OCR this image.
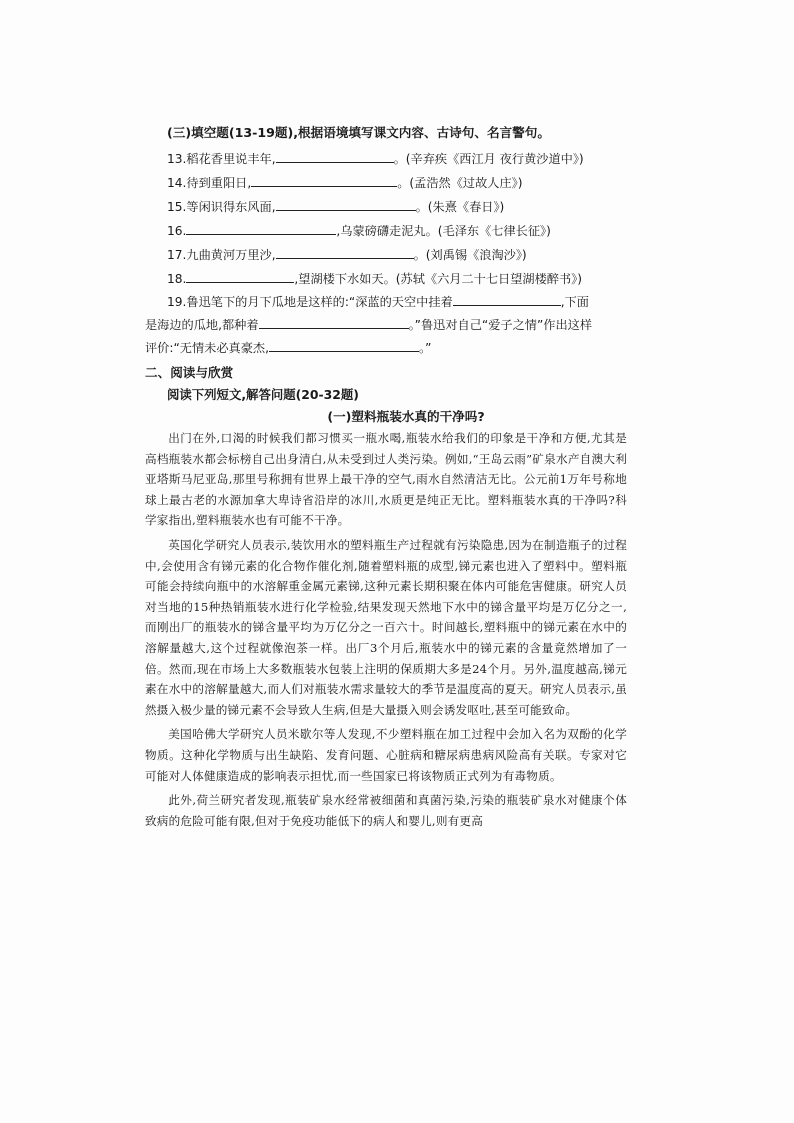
(三)填空题(13-19题),根据语境填写课文内容、古诗句、名言警句。
13.稻花香里说丰年,	。(辛弃疾《西江月 夜行黄沙道中》)
14.待到重阳日,	。(孟浩然《过故人庄》)
15.等闲识得东风面,	。(朱熹《春日》)
16.	,乌蒙磅礴走泥丸。(毛泽东《七律长征》)
17.九曲黄河万里沙,	。(刘禹锡《浪淘沙》)
18.	,望湖楼下水如天。(苏轼《六月二十七日望湖楼醉书》)
19.鲁迅笔下的月下瓜地是这样的:“深蓝的天空中挂着	,下面
是海边的瓜地,都种着	。”鲁迅对自己“爱子之情”作出这样
评价:“无情未必真豪杰,	。”
二、阅读与欣赏
阅读下列短文,解答问题(20-32题)
(一)塑料瓶装水真的干净吗?

出门在外,口渴的时候我们都习惯买一瓶水喝,瓶装水给我们的印象是干净和方便,尤其是高档瓶装水都会标榜自己出身清白,从未受到过人类污染。例如,“王岛云雨”矿泉水产自澳大利亚塔斯马尼亚岛,那里号称拥有世界上最干净的空气,雨水自然清洁无比。公元前1万年号称地球上最古老的水源加拿大卑诗省沿岸的冰川,水质更是纯正无比。塑料瓶装水真的干净吗?科学家指出,塑料瓶装水也有可能不干净。

英国化学研究人员表示,装饮用水的塑料瓶生产过程就有污染隐患,因为在制造瓶子的过程中,会使用含有锑元素的化合物作催化剂,随着塑料瓶的成型,锑元素也进入了塑料中。塑料瓶可能会持续向瓶中的水溶解重金属元素锑,这种元素长期积聚在体内可能危害健康。研究人员对当地的15种热销瓶装水进行化学检验,结果发现天然地下水中的锑含量平均是万亿分之一,而刚出厂的瓶装水的锑含量平均为万亿分之一百六十。时间越长,塑料瓶中的锑元素在水中的溶解量越大,这个过程就像泡茶一样。出厂3个月后,瓶装水中的锑元素的含量竟然增加了一倍。然而,现在市场上大多数瓶装水包装上注明的保质期大多是24个月。另外,温度越高,锑元素在水中的溶解量越大,而人们对瓶装水需求量较大的季节是温度高的夏天。研究人员表示,虽然摄入极少量的锑元素不会导致人生病,但是大量摄入则会诱发呕吐,甚至可能致命。

美国哈佛大学研究人员米歇尔等人发现,不少塑料瓶在加工过程中会加入名为双酚的化学物质。这种化学物质与出生缺陷、发育问题、心脏病和糖尿病患病风险高有关联。专家对它可能对人体健康造成的影响表示担忧,而一些国家已将该物质正式列为有毒物质。

此外,荷兰研究者发现,瓶装矿泉水经常被细菌和真菌污染,污染的瓶装矿泉水对健康个体致病的危险可能有限,但对于免疫功能低下的病人和婴儿,则有更高
